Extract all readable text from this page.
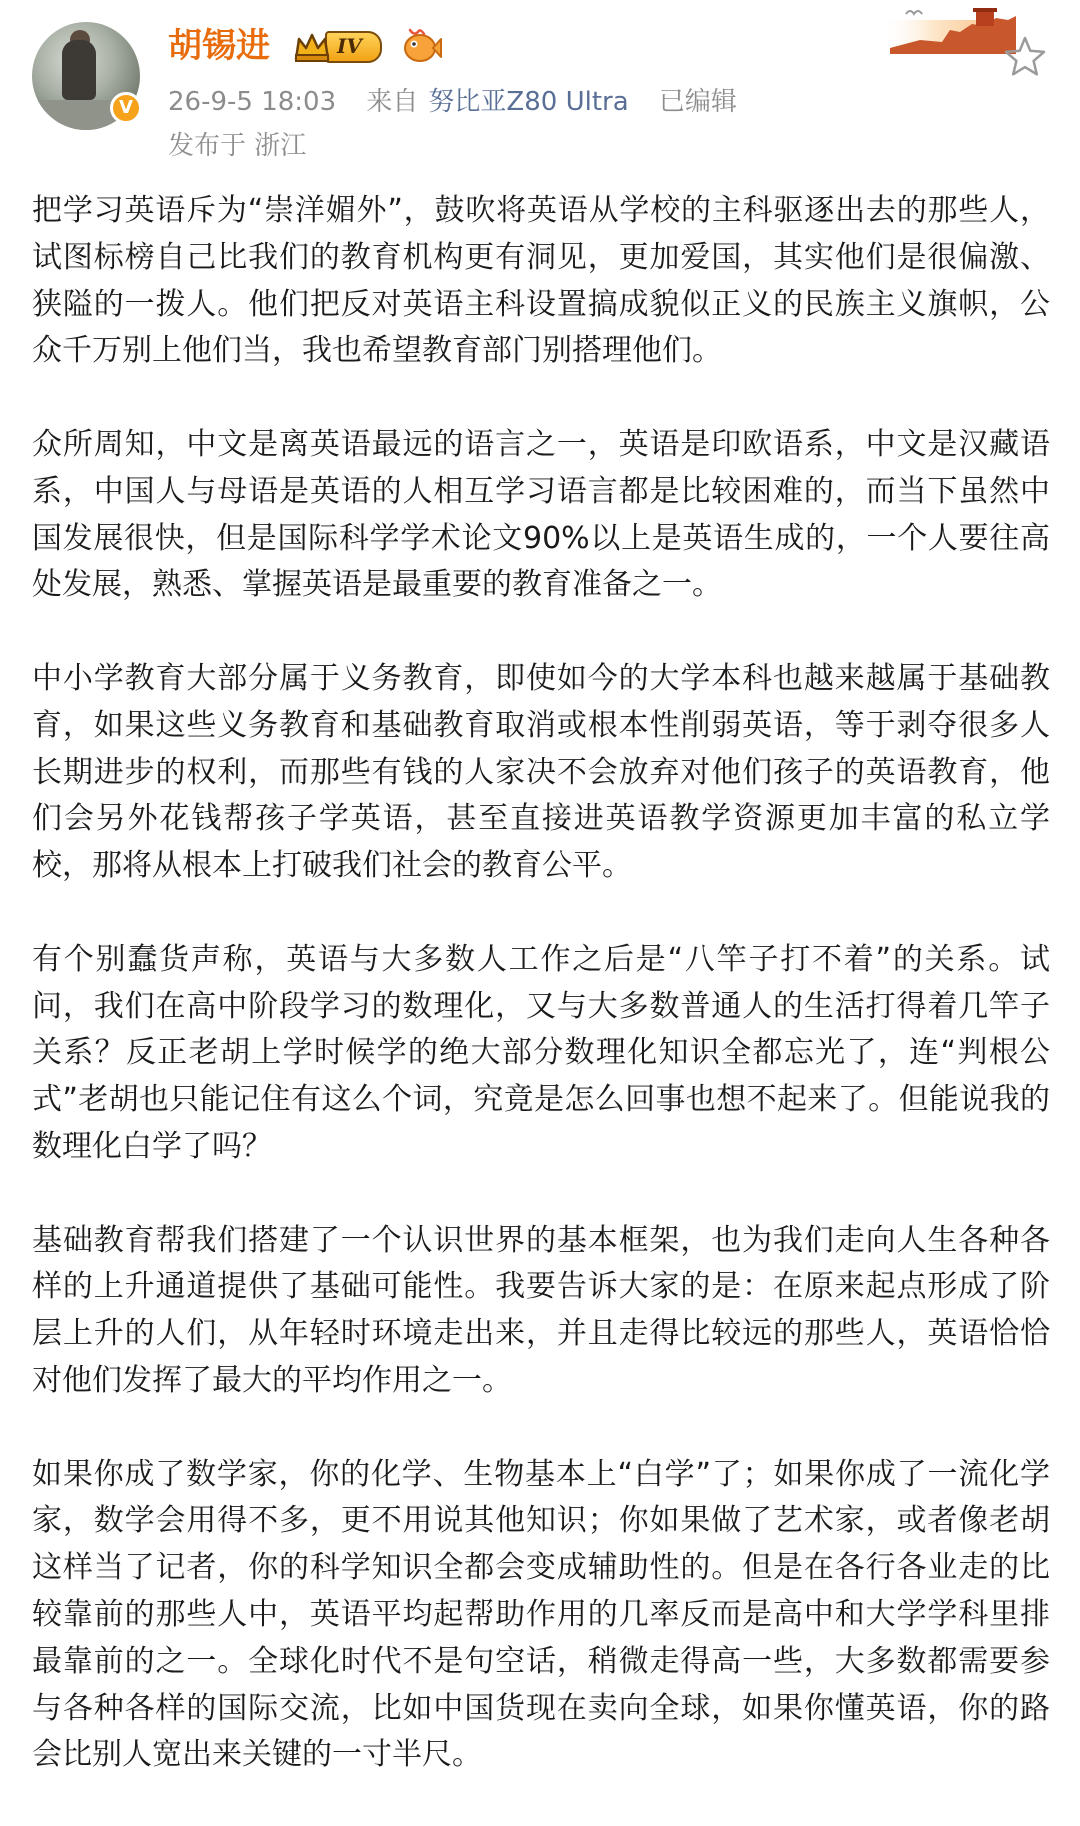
V
胡锡进	IV
26-9-5 18:03 来自 努比亚Z80 Ultra 已编辑
发布于 浙江

把学习英语斥为“崇洋媚外”，鼓吹将英语从学校的主科驱逐出去的那些人，试图标榜自己比我们的教育机构更有洞见，更加爱国，其实他们是很偏激、狭隘的一拨人。他们把反对英语主科设置搞成貌似正义的民族主义旗帜，公众千万别上他们当，我也希望教育部门别搭理他们。

众所周知，中文是离英语最远的语言之一，英语是印欧语系，中文是汉藏语系，中国人与母语是英语的人相互学习语言都是比较困难的，而当下虽然中国发展很快，但是国际科学学术论文90%以上是英语生成的，一个人要往高处发展，熟悉、掌握英语是最重要的教育准备之一。

中小学教育大部分属于义务教育，即使如今的大学本科也越来越属于基础教育，如果这些义务教育和基础教育取消或根本性削弱英语，等于剥夺很多人长期进步的权利，而那些有钱的人家决不会放弃对他们孩子的英语教育，他们会另外花钱帮孩子学英语，甚至直接进英语教学资源更加丰富的私立学校，那将从根本上打破我们社会的教育公平。

有个别蠢货声称，英语与大多数人工作之后是“八竿子打不着”的关系。试问，我们在高中阶段学习的数理化，又与大多数普通人的生活打得着几竿子关系？反正老胡上学时候学的绝大部分数理化知识全都忘光了，连“判根公式”老胡也只能记住有这么个词，究竟是怎么回事也想不起来了。但能说我的数理化白学了吗？

基础教育帮我们搭建了一个认识世界的基本框架，也为我们走向人生各种各样的上升通道提供了基础可能性。我要告诉大家的是：在原来起点形成了阶层上升的人们，从年轻时环境走出来，并且走得比较远的那些人，英语恰恰对他们发挥了最大的平均作用之一。

如果你成了数学家，你的化学、生物基本上“白学”了；如果你成了一流化学家，数学会用得不多，更不用说其他知识；你如果做了艺术家，或者像老胡这样当了记者，你的科学知识全都会变成辅助性的。但是在各行各业走的比较靠前的那些人中，英语平均起帮助作用的几率反而是高中和大学学科里排最靠前的之一。全球化时代不是句空话，稍微走得高一些，大多数都需要参与各种各样的国际交流，比如中国货现在卖向全球，如果你懂英语，你的路会比别人宽出来关键的一寸半尺。
